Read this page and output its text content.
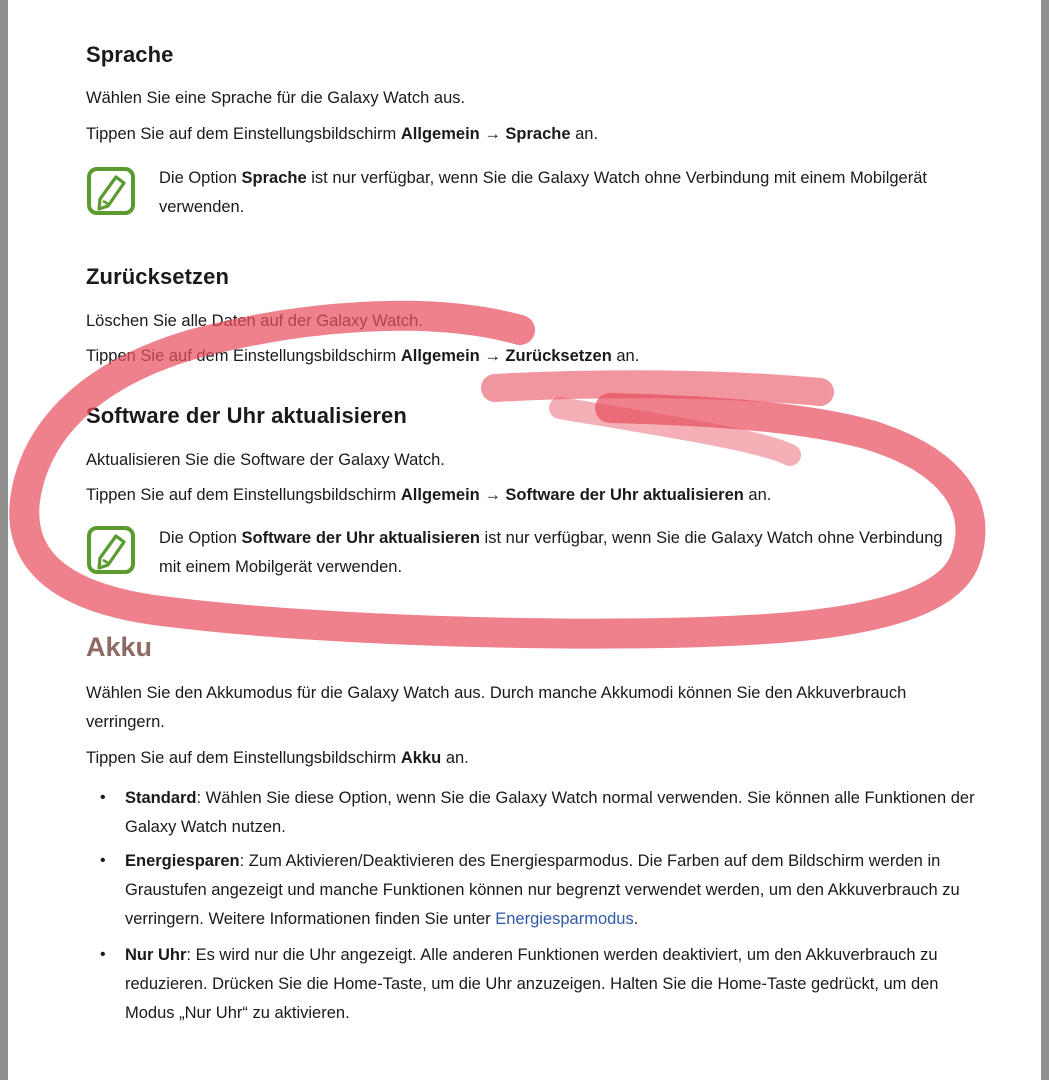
Sprache
Wählen Sie eine Sprache für die Galaxy Watch aus.
Tippen Sie auf dem Einstellungsbildschirm Allgemein → Sprache an.
Die Option Sprache ist nur verfügbar, wenn Sie die Galaxy Watch ohne Verbindung mit einem Mobilgerät verwenden.
Zurücksetzen
Löschen Sie alle Daten auf der Galaxy Watch.
Tippen Sie auf dem Einstellungsbildschirm Allgemein → Zurücksetzen an.
Software der Uhr aktualisieren
Aktualisieren Sie die Software der Galaxy Watch.
Tippen Sie auf dem Einstellungsbildschirm Allgemein → Software der Uhr aktualisieren an.
Die Option Software der Uhr aktualisieren ist nur verfügbar, wenn Sie die Galaxy Watch ohne Verbindung mit einem Mobilgerät verwenden.
Akku
Wählen Sie den Akkumodus für die Galaxy Watch aus. Durch manche Akkumodi können Sie den Akkuverbrauch verringern.
Tippen Sie auf dem Einstellungsbildschirm Akku an.
• Standard: Wählen Sie diese Option, wenn Sie die Galaxy Watch normal verwenden. Sie können alle Funktionen der Galaxy Watch nutzen.
• Energiesparen: Zum Aktivieren/Deaktivieren des Energiesparmodus. Die Farben auf dem Bildschirm werden in Graustufen angezeigt und manche Funktionen können nur begrenzt verwendet werden, um den Akkuverbrauch zu verringern. Weitere Informationen finden Sie unter Energiesparmodus.
• Nur Uhr: Es wird nur die Uhr angezeigt. Alle anderen Funktionen werden deaktiviert, um den Akkuverbrauch zu reduzieren. Drücken Sie die Home-Taste, um die Uhr anzuzeigen. Halten Sie die Home-Taste gedrückt, um den Modus „Nur Uhr“ zu aktivieren.
